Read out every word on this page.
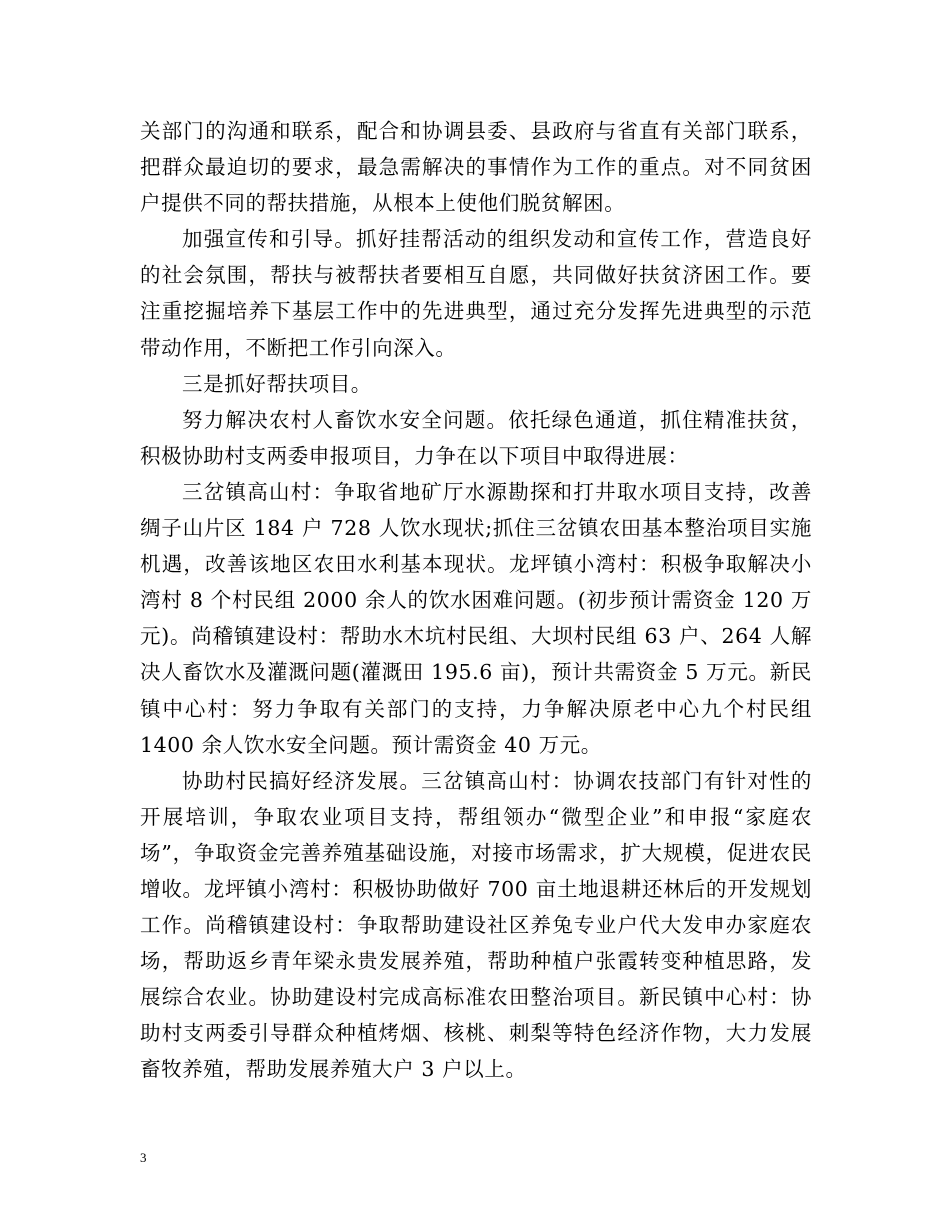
关部门的沟通和联系，配合和协调县委、县政府与省直有关部门联系，把群众最迫切的要求，最急需解决的事情作为工作的重点。对不同贫困户提供不同的帮扶措施，从根本上使他们脱贫解困。

加强宣传和引导。抓好挂帮活动的组织发动和宣传工作，营造良好的社会氛围，帮扶与被帮扶者要相互自愿，共同做好扶贫济困工作。要注重挖掘培养下基层工作中的先进典型，通过充分发挥先进典型的示范带动作用，不断把工作引向深入。

三是抓好帮扶项目。

努力解决农村人畜饮水安全问题。依托绿色通道，抓住精准扶贫，积极协助村支两委申报项目，力争在以下项目中取得进展：

三岔镇高山村：争取省地矿厅水源勘探和打井取水项目支持，改善绸子山片区 184 户 728 人饮水现状;抓住三岔镇农田基本整治项目实施机遇，改善该地区农田水利基本现状。龙坪镇小湾村：积极争取解决小湾村 8 个村民组 2000 余人的饮水困难问题。(初步预计需资金 120 万元)。尚稽镇建设村：帮助水木坑村民组、大坝村民组 63 户、264 人解决人畜饮水及灌溉问题(灌溉田 195.6 亩)，预计共需资金 5 万元。新民镇中心村：努力争取有关部门的支持，力争解决原老中心九个村民组 1400 余人饮水安全问题。预计需资金 40 万元。

协助村民搞好经济发展。三岔镇高山村：协调农技部门有针对性的开展培训，争取农业项目支持，帮组领办“微型企业”和申报“家庭农场”，争取资金完善养殖基础设施，对接市场需求，扩大规模，促进农民增收。龙坪镇小湾村：积极协助做好 700 亩土地退耕还林后的开发规划工作。尚稽镇建设村：争取帮助建设社区养兔专业户代大发申办家庭农场，帮助返乡青年梁永贵发展养殖，帮助种植户张霞转变种植思路，发展综合农业。协助建设村完成高标准农田整治项目。新民镇中心村：协助村支两委引导群众种植烤烟、核桃、刺梨等特色经济作物，大力发展畜牧养殖，帮助发展养殖大户 3 户以上。

3
